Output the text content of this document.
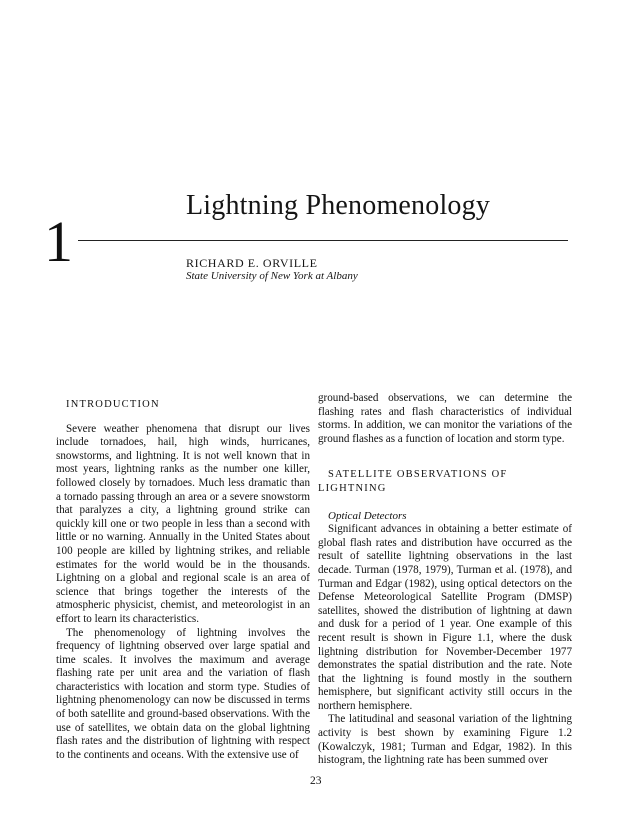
Lightning Phenomenology
1	RICHARD E. ORVILLE
State University of New York at Albany

INTRODUCTION

Severe weather phenomena that disrupt our lives include tornadoes, hail, high winds, hurricanes, snowstorms, and lightning. It is not well known that in most years, lightning ranks as the number one killer, followed closely by tornadoes. Much less dramatic than a tornado passing through an area or a severe snowstorm that paralyzes a city, a lightning ground strike can quickly kill one or two people in less than a second with little or no warning. Annually in the United States about 100 people are killed by lightning strikes, and reliable estimates for the world would be in the thousands. Lightning on a global and regional scale is an area of science that brings together the interests of the atmospheric physicist, chemist, and meteorologist in an effort to learn its characteristics.

The phenomenology of lightning involves the frequency of lightning observed over large spatial and time scales. It involves the maximum and average flashing rate per unit area and the variation of flash characteristics with location and storm type. Studies of lightning phenomenology can now be discussed in terms of both satellite and ground-based observations. With the use of satellites, we obtain data on the global lightning flash rates and the distribution of lightning with respect to the continents and oceans. With the extensive use of

ground-based observations, we can determine the flashing rates and flash characteristics of individual storms. In addition, we can monitor the variations of the ground flashes as a function of location and storm type.

SATELLITE OBSERVATIONS OF LIGHTNING

Optical Detectors

Significant advances in obtaining a better estimate of global flash rates and distribution have occurred as the result of satellite lightning observations in the last decade. Turman (1978, 1979), Turman et al. (1978), and Turman and Edgar (1982), using optical detectors on the Defense Meteorological Satellite Program (DMSP) satellites, showed the distribution of lightning at dawn and dusk for a period of 1 year. One example of this recent result is shown in Figure 1.1, where the dusk lightning distribution for November-December 1977 demonstrates the spatial distribution and the rate. Note that the lightning is found mostly in the southern hemisphere, but significant activity still occurs in the northern hemisphere.

The latitudinal and seasonal variation of the lightning activity is best shown by examining Figure 1.2 (Kowalczyk, 1981; Turman and Edgar, 1982). In this histogram, the lightning rate has been summed over

23
